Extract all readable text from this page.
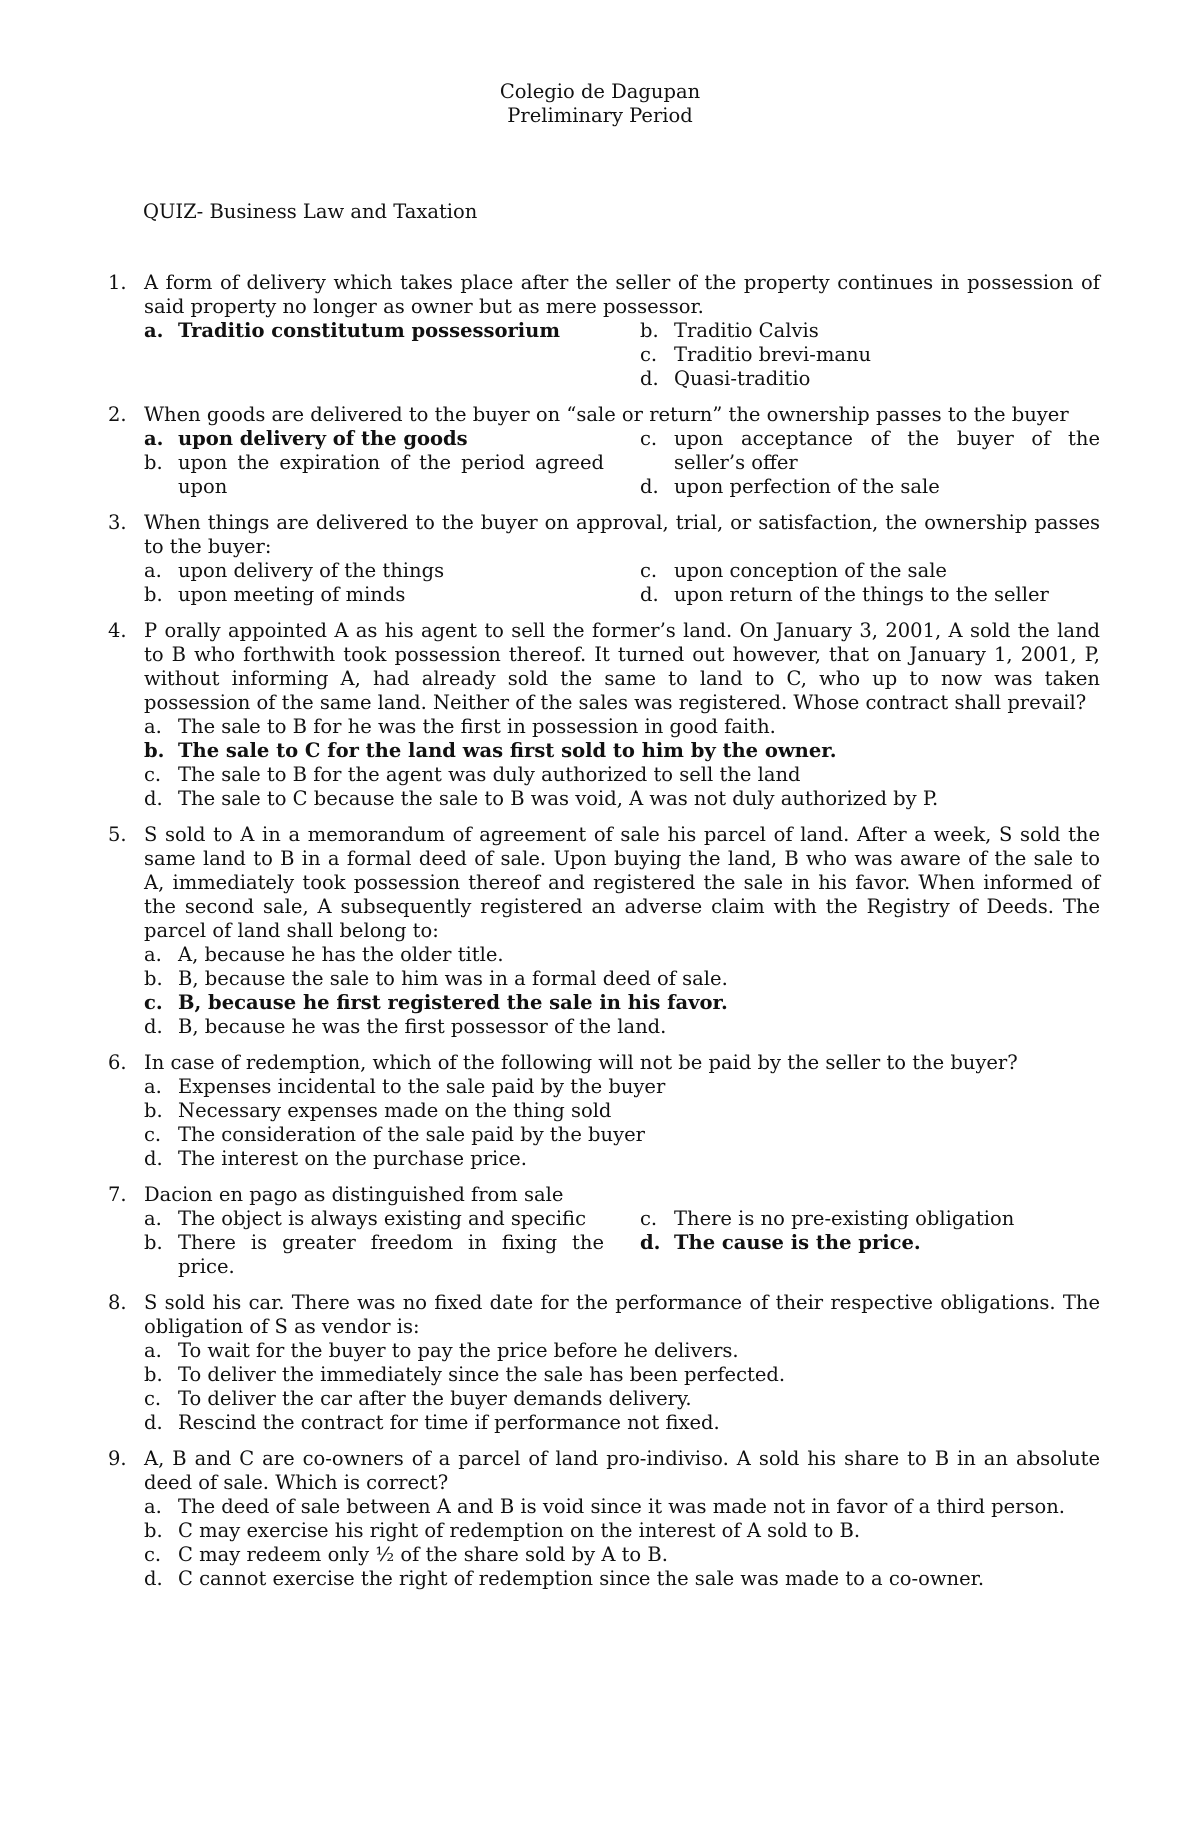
Colegio de Dagupan
Preliminary Period
QUIZ- Business Law and Taxation
1. A form of delivery which takes place after the seller of the property continues in possession of said property no longer as owner but as mere possessor.
a. Traditio constitutum possessorium	b. Traditio Calvis
c. Traditio brevi-manu
d. Quasi-traditio
2. When goods are delivered to the buyer on “sale or return” the ownership passes to the buyer
a. upon delivery of the goods
b. upon the expiration of the period agreed upon
c. upon acceptance of the buyer of the seller’s offer
d. upon perfection of the sale
3. When things are delivered to the buyer on approval, trial, or satisfaction, the ownership passes to the buyer:
a. upon delivery of the things
b. upon meeting of minds
c. upon conception of the sale
d. upon return of the things to the seller
4. P orally appointed A as his agent to sell the former’s land. On January 3, 2001, A sold the land to B who forthwith took possession thereof. It turned out however, that on January 1, 2001, P, without informing A, had already sold the same to land to C, who up to now was taken possession of the same land. Neither of the sales was registered. Whose contract shall prevail?
a. The sale to B for he was the first in possession in good faith.
b. The sale to C for the land was first sold to him by the owner.
c. The sale to B for the agent was duly authorized to sell the land
d. The sale to C because the sale to B was void, A was not duly authorized by P.
5. S sold to A in a memorandum of agreement of sale his parcel of land. After a week, S sold the same land to B in a formal deed of sale. Upon buying the land, B who was aware of the sale to A, immediately took possession thereof and registered the sale in his favor. When informed of the second sale, A subsequently registered an adverse claim with the Registry of Deeds. The parcel of land shall belong to:
a. A, because he has the older title.
b. B, because the sale to him was in a formal deed of sale.
c. B, because he first registered the sale in his favor.
d. B, because he was the first possessor of the land.
6. In case of redemption, which of the following will not be paid by the seller to the buyer?
a. Expenses incidental to the sale paid by the buyer
b. Necessary expenses made on the thing sold
c. The consideration of the sale paid by the buyer
d. The interest on the purchase price.
7. Dacion en pago as distinguished from sale
a. The object is always existing and specific
b. There is greater freedom in fixing the price.
c. There is no pre-existing obligation
d. The cause is the price.
8. S sold his car. There was no fixed date for the performance of their respective obligations. The obligation of S as vendor is:
a. To wait for the buyer to pay the price before he delivers.
b. To deliver the immediately since the sale has been perfected.
c. To deliver the car after the buyer demands delivery.
d. Rescind the contract for time if performance not fixed.
9. A, B and C are co-owners of a parcel of land pro-indiviso. A sold his share to B in an absolute deed of sale. Which is correct?
a. The deed of sale between A and B is void since it was made not in favor of a third person.
b. C may exercise his right of redemption on the interest of A sold to B.
c. C may redeem only ½ of the share sold by A to B.
d. C cannot exercise the right of redemption since the sale was made to a co-owner.
